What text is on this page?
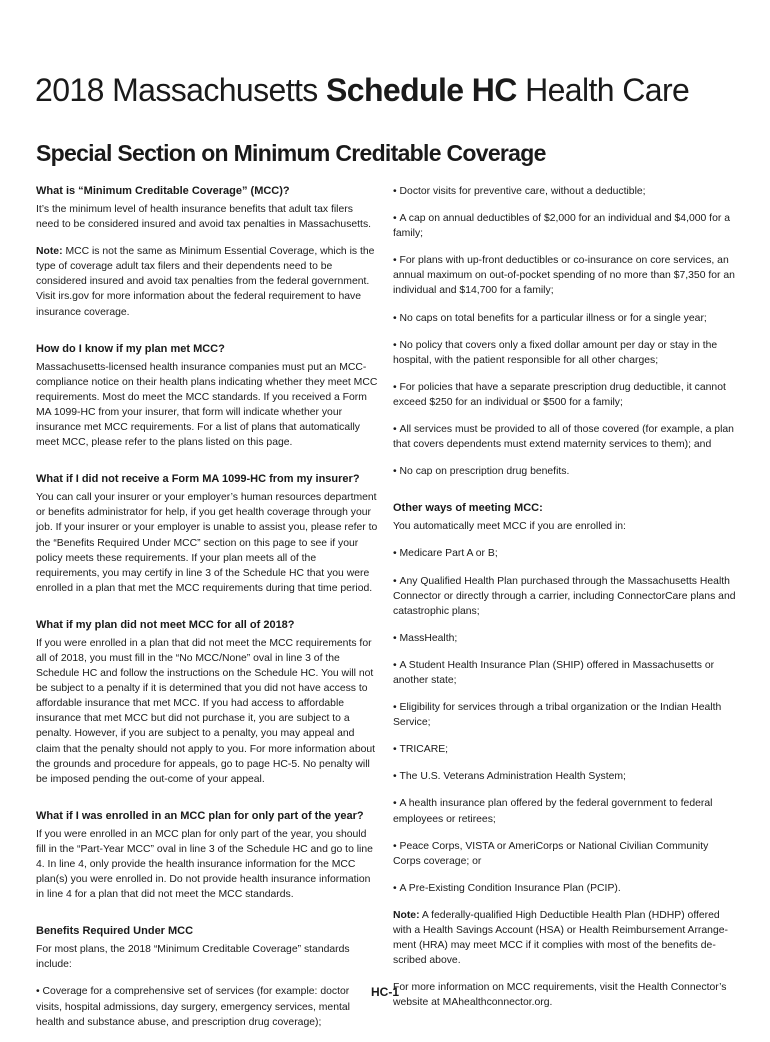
2018 Massachusetts Schedule HC Health Care
Special Section on Minimum Creditable Coverage
What is “Minimum Creditable Coverage” (MCC)?

It’s the minimum level of health insurance benefits that adult tax filers need to be considered insured and avoid tax penalties in Massachusetts.

Note: MCC is not the same as Minimum Essential Coverage, which is the type of coverage adult tax filers and their dependents need to be considered insured and avoid tax penalties from the federal government. Visit irs.gov for more information about the federal requirement to have insurance coverage.

How do I know if my plan met MCC?

Massachusetts-licensed health insurance companies must put an MCC-compliance notice on their health plans indicating whether they meet MCC requirements. Most do meet the MCC standards. If you received a Form MA 1099-HC from your insurer, that form will indicate whether your insurance met MCC requirements. For a list of plans that automatically meet MCC, please refer to the plans listed on this page.

What if I did not receive a Form MA 1099-HC from my insurer?

You can call your insurer or your employer’s human resources department or benefits administrator for help, if you get health coverage through your job. If your insurer or your employer is unable to assist you, please refer to the “Benefits Required Under MCC” section on this page to see if your policy meets these requirements. If your plan meets all of the requirements, you may certify in line 3 of the Schedule HC that you were enrolled in a plan that met the MCC requirements during that time period.

What if my plan did not meet MCC for all of 2018?

If you were enrolled in a plan that did not meet the MCC requirements for all of 2018, you must fill in the “No MCC/None” oval in line 3 of the Schedule HC and follow the instructions on the Schedule HC. You will not be subject to a penalty if it is determined that you did not have access to affordable insurance that met MCC. If you had access to affordable insurance that met MCC but did not purchase it, you are subject to a penalty. However, if you are subject to a penalty, you may appeal and claim that the penalty should not apply to you. For more information about the grounds and procedure for appeals, go to page HC-5. No penalty will be imposed pending the out-come of your appeal.

What if I was enrolled in an MCC plan for only part of the year?

If you were enrolled in an MCC plan for only part of the year, you should fill in the “Part-Year MCC” oval in line 3 of the Schedule HC and go to line 4. In line 4, only provide the health insurance information for the MCC plan(s) you were enrolled in. Do not provide health insurance information in line 4 for a plan that did not meet the MCC standards.

Benefits Required Under MCC

For most plans, the 2018 “Minimum Creditable Coverage” standards include:

• Coverage for a comprehensive set of services (for example: doctor visits, hospital admissions, day surgery, emergency services, mental health and substance abuse, and prescription drug coverage);

• Doctor visits for preventive care, without a deductible;

• A cap on annual deductibles of $2,000 for an individual and $4,000 for a family;

• For plans with up-front deductibles or co-insurance on core services, an annual maximum on out-of-pocket spending of no more than $7,350 for an individual and $14,700 for a family;

• No caps on total benefits for a particular illness or for a single year;

• No policy that covers only a fixed dollar amount per day or stay in the hospital, with the patient responsible for all other charges;

• For policies that have a separate prescription drug deductible, it cannot exceed $250 for an individual or $500 for a family;

• All services must be provided to all of those covered (for example, a plan that covers dependents must extend maternity services to them); and

• No cap on prescription drug benefits.

Other ways of meeting MCC:

You automatically meet MCC if you are enrolled in:

• Medicare Part A or B;

• Any Qualified Health Plan purchased through the Massachusetts Health Connector or directly through a carrier, including ConnectorCare plans and catastrophic plans;

• MassHealth;

• A Student Health Insurance Plan (SHIP) offered in Massachusetts or another state;

• Eligibility for services through a tribal organization or the Indian Health Service;

• TRICARE;

• The U.S. Veterans Administration Health System;

• A health insurance plan offered by the federal government to federal employees or retirees;

• Peace Corps, VISTA or AmeriCorps or National Civilian Community Corps coverage; or

• A Pre-Existing Condition Insurance Plan (PCIP).

Note: A federally-qualified High Deductible Health Plan (HDHP) offered with a Health Savings Account (HSA) or Health Reimbursement Arrange-ment (HRA) may meet MCC if it complies with most of the benefits de-scribed above.

For more information on MCC requirements, visit the Health Connector’s website at MAhealthconnector.org.

HC-1
